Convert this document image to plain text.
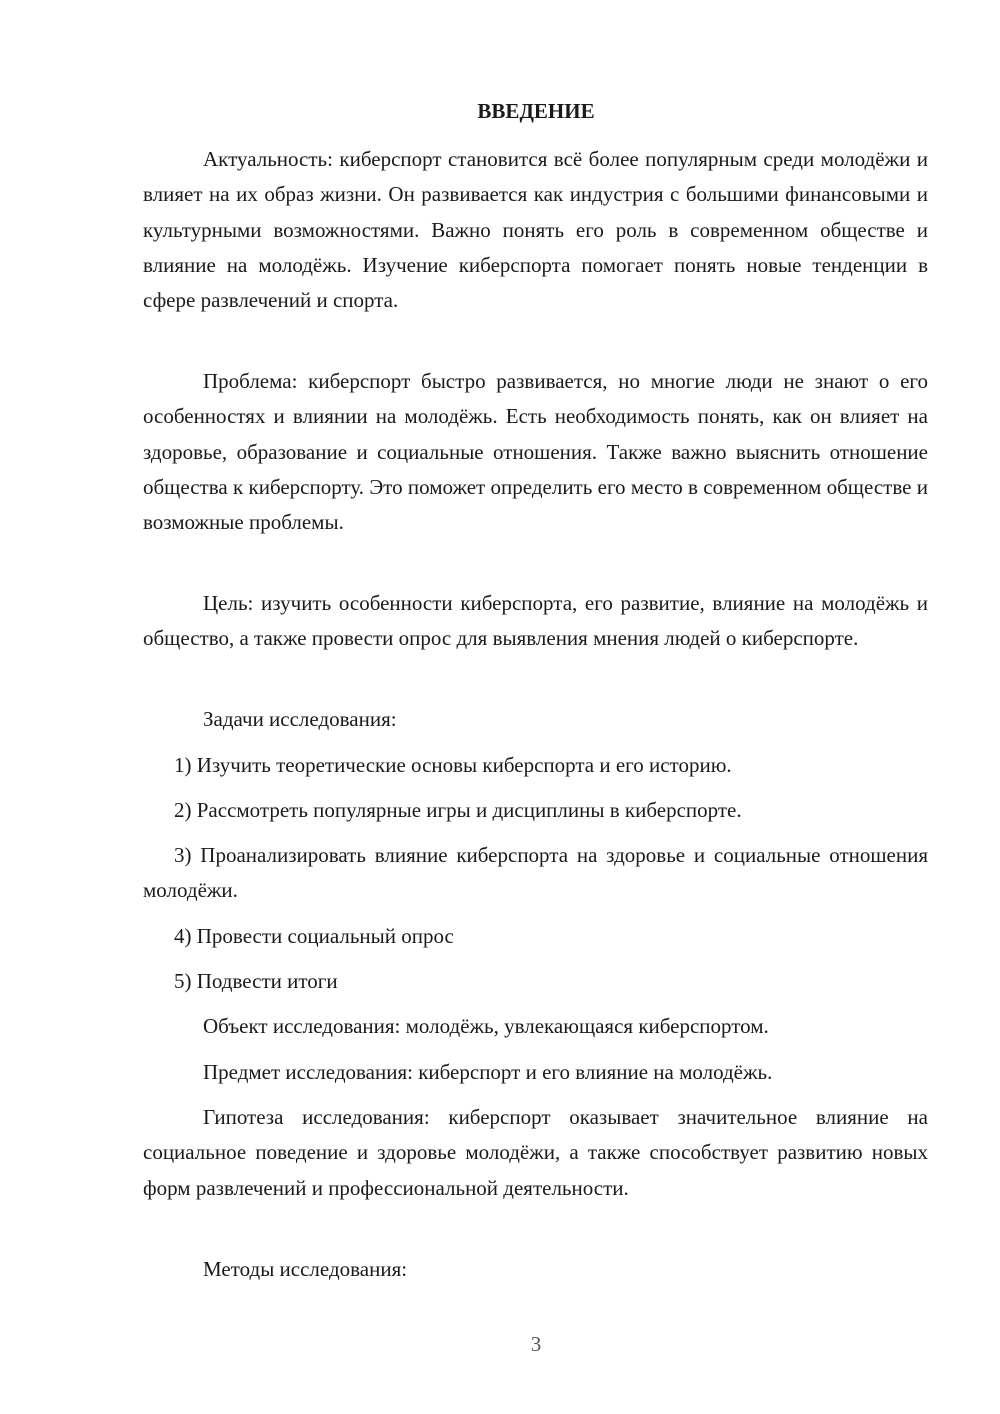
ВВЕДЕНИЕ
Актуальность: киберспорт становится всё более популярным среди молодёжи и влияет на их образ жизни. Он развивается как индустрия с большими финансовыми и культурными возможностями. Важно понять его роль в современном обществе и влияние на молодёжь. Изучение киберспорта помогает понять новые тенденции в сфере развлечений и спорта.
Проблема: киберспорт быстро развивается, но многие люди не знают о его особенностях и влиянии на молодёжь. Есть необходимость понять, как он влияет на здоровье, образование и социальные отношения. Также важно выяснить отношение общества к киберспорту. Это поможет определить его место в современном обществе и возможные проблемы.
Цель: изучить особенности киберспорта, его развитие, влияние на молодёжь и общество, а также провести опрос для выявления мнения людей о киберспорте.
Задачи исследования:
1) Изучить теоретические основы киберспорта и его историю.
2) Рассмотреть популярные игры и дисциплины в киберспорте.
3) Проанализировать влияние киберспорта на здоровье и социальные отношения молодёжи.
4) Провести социальный опрос
5) Подвести итоги
Объект исследования: молодёжь, увлекающаяся киберспортом.
Предмет исследования: киберспорт и его влияние на молодёжь.
Гипотеза исследования: киберспорт оказывает значительное влияние на социальное поведение и здоровье молодёжи, а также способствует развитию новых форм развлечений и профессиональной деятельности.
Методы исследования:
3
